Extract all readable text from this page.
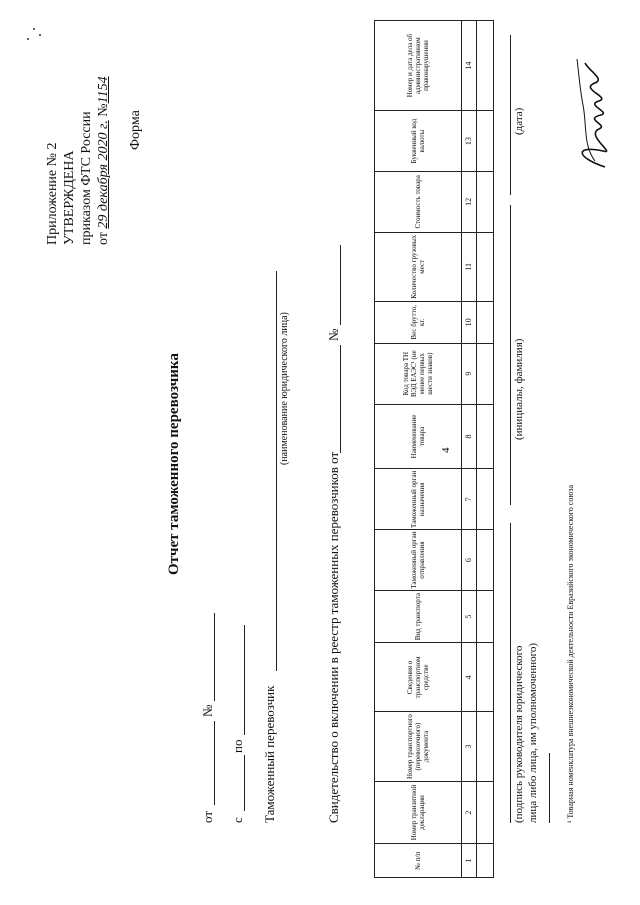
4
Приложение № 2 УТВЕРЖДЕНА приказом ФТС России от 29 декабря 2020 г. №1154
Форма
Отчет таможенного перевозчика
от
№
с
по Таможенный перевозчик
(наименование юридического лица)
Свидетельство о включении в реестр таможенных перевозчиков от
№
№ п/п	Номер транзитной декларации	Номер транспортного (перевозочного) документа	Сведения о транспортном средстве	Вид транспорта	Таможенный орган отправления	Таможенный орган назначения	Наименование товара	Код товара ТН ВЭД ЕАЭС¹ (не менее первых шести знаков)	Вес брутто, кг.	Количество грузовых мест	Стоимость товара	Буквенный код валюты	Номер и дата дела об административном правонарушении
1	2	3	4	5	6	7	8	9	10	11	12	13	14

(подпись руководителя юридического лица либо лица, им уполномоченного)
(инициалы, фамилия)
(дата)
¹ Товарная номенклатура внешнеэкономической деятельности Евразийского экономического союза
